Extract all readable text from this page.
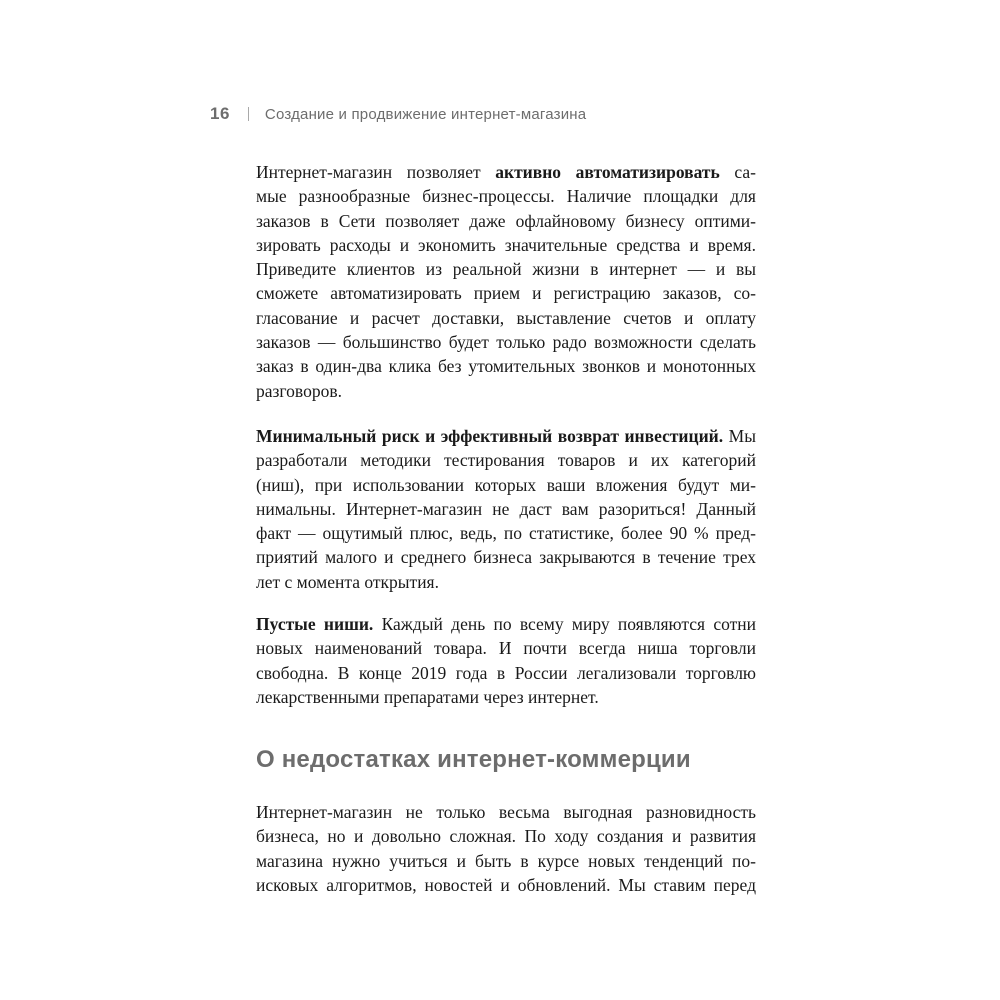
16 Создание и продвижение интернет-магазина
Интернет-магазин позволяет активно автоматизировать са-
мые разнообразные бизнес-процессы. Наличие площадки для
заказов в Сети позволяет даже офлайновому бизнесу оптими-
зировать расходы и экономить значительные средства и время.
Приведите клиентов из реальной жизни в интернет — и вы
сможете автоматизировать прием и регистрацию заказов, со-
гласование и расчет доставки, выставление счетов и оплату
заказов — большинство будет только радо возможности сделать
заказ в один-два клика без утомительных звонков и монотонных
разговоров.
Минимальный риск и эффективный возврат инвестиций. Мы
разработали методики тестирования товаров и их категорий
(ниш), при использовании которых ваши вложения будут ми-
нимальны. Интернет-магазин не даст вам разориться! Данный
факт — ощутимый плюс, ведь, по статистике, более 90 % пред-
приятий малого и среднего бизнеса закрываются в течение трех
лет с момента открытия.
Пустые ниши. Каждый день по всему миру появляются сотни
новых наименований товара. И почти всегда ниша торговли
свободна. В конце 2019 года в России легализовали торговлю
лекарственными препаратами через интернет.
О недостатках интернет-коммерции
Интернет-магазин не только весьма выгодная разновидность
бизнеса, но и довольно сложная. По ходу создания и развития
магазина нужно учиться и быть в курсе новых тенденций по-
исковых алгоритмов, новостей и обновлений. Мы ставим перед
